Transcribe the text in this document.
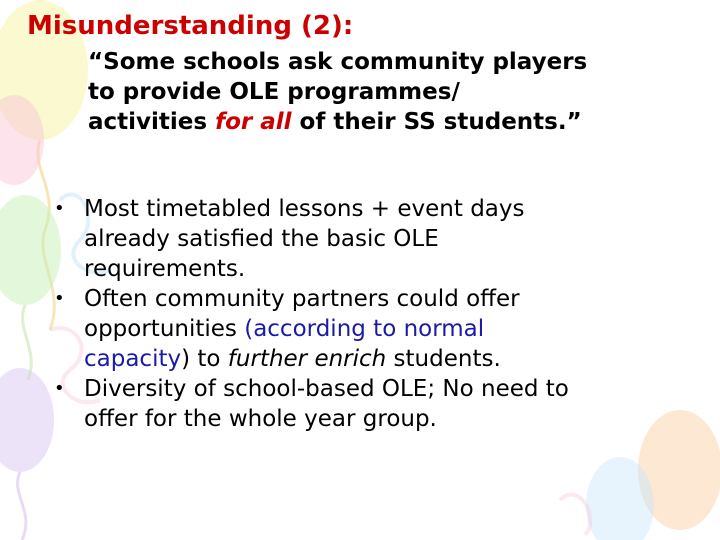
Misunderstanding (2):

“Some schools ask community players
to provide OLE programmes/
activities for all of their SS students.”

• Most timetabled lessons + event days
already satisfied the basic OLE
requirements.
• Often community partners could offer
opportunities (according to normal
capacity) to further enrich students.
• Diversity of school-based OLE; No need to
offer for the whole year group.
